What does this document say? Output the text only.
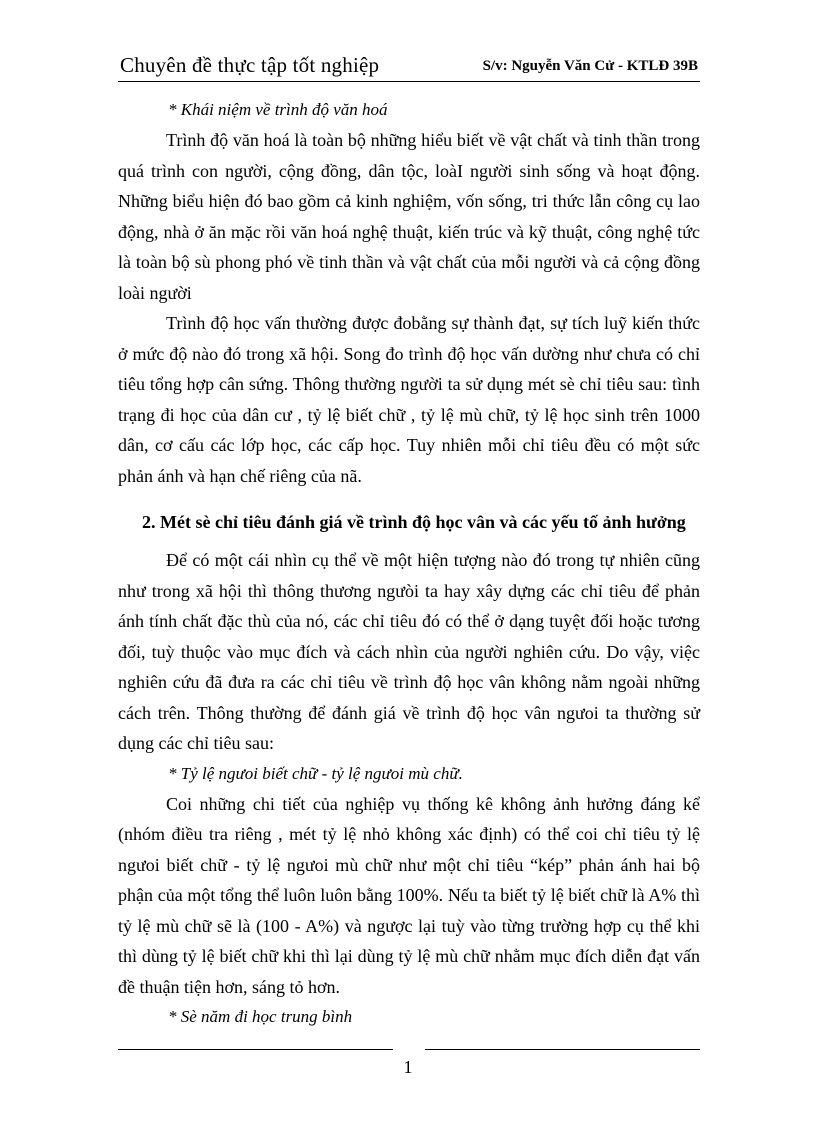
Chuyên đề thực tập tốt nghiệp	S/v: Nguyễn Văn Cử - KTLĐ 39B

* Khái niệm về trình độ văn hoá

Trình độ văn hoá là toàn bộ những hiểu biết về vật chất và tinh thần trong quá trình con người, cộng đồng, dân tộc, loàI người sinh sống và hoạt động. Những biểu hiện đó bao gồm cả kinh nghiệm, vốn sống, tri thức lẫn công cụ lao động, nhà ở ăn mặc rồi văn hoá nghệ thuật, kiến trúc và kỹ thuật, công nghệ tức là toàn bộ sù phong phó về tinh thần và vật chất của mỗi người và cả cộng đồng loài người

Trình độ học vấn thường được đobằng sự thành đạt, sự tích luỹ kiến thức ở mức độ nào đó trong xã hội. Song đo trình độ học vấn dường như chưa có chỉ tiêu tổng hợp cân sứng. Thông thường người ta sử dụng mét sè chỉ tiêu sau: tình trạng đi học của dân cư , tỷ lệ biết chữ , tỷ lệ mù chữ, tỷ lệ học sinh trên 1000 dân, cơ cấu các lớp học, các cấp học. Tuy nhiên mỗi chỉ tiêu đều có một sức phản ánh và hạn chế riêng của nã.

2. Mét sè chỉ tiêu đánh giá về trình độ học vân và các yếu tố ảnh hưởng

Để có một cái nhìn cụ thể về một hiện tượng nào đó trong tự nhiên cũng như trong xã hội thì thông thương ngưòi ta hay xây dựng các chỉ tiêu để phản ánh tính chất đặc thù của nó, các chỉ tiêu đó có thể ở dạng tuyệt đối hoặc tương đối, tuỳ thuộc vào mục đích và cách nhìn của người nghiên cứu. Do vậy, việc nghiên cứu đã đưa ra các chỉ tiêu về trình độ học vân không nằm ngoài những cách trên. Thông thường để đánh giá về trình độ học vân ngưoi ta thường sử dụng các chỉ tiêu sau:

* Tỷ lệ ngưoi biết chữ - tỷ lệ ngưoi mù chữ.

Coi những chi tiết của nghiệp vụ thống kê không ảnh hưởng đáng kể (nhóm điều tra riêng , mét tỷ lệ nhỏ không xác định) có thể coi chỉ tiêu tỷ lệ ngưoi biết chữ - tỷ lệ ngưoi mù chữ như một chỉ tiêu “kép” phản ánh hai bộ phận của một tổng thể luôn luôn bằng 100%. Nếu ta biết tỷ lệ biết chữ là A% thì tỷ lệ mù chữ sẽ là (100 - A%) và ngược lại tuỳ vào từng trường hợp cụ thể khi thì dùng tỷ lệ biết chữ khi thì lại dùng tỷ lệ mù chữ nhằm mục đích diễn đạt vấn đề thuận tiện hơn, sáng tỏ hơn.

* Sè năm đi học trung bình

1
